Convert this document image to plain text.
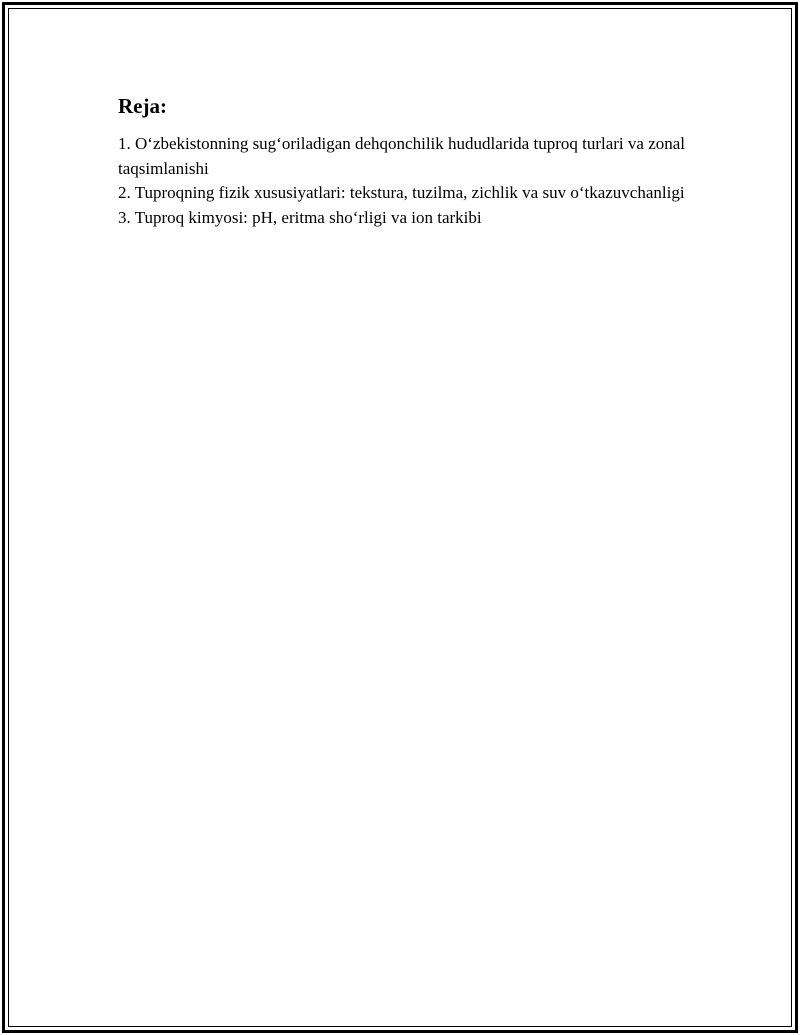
Reja:
1. O‘zbekistonning sug‘oriladigan dehqonchilik hududlarida tuproq turlari va zonal taqsimlanishi
2. Tuproqning fizik xususiyatlari: tekstura, tuzilma, zichlik va suv o‘tkazuvchanligi
3. Tuproq kimyosi: pH, eritma sho‘rligi va ion tarkibi
